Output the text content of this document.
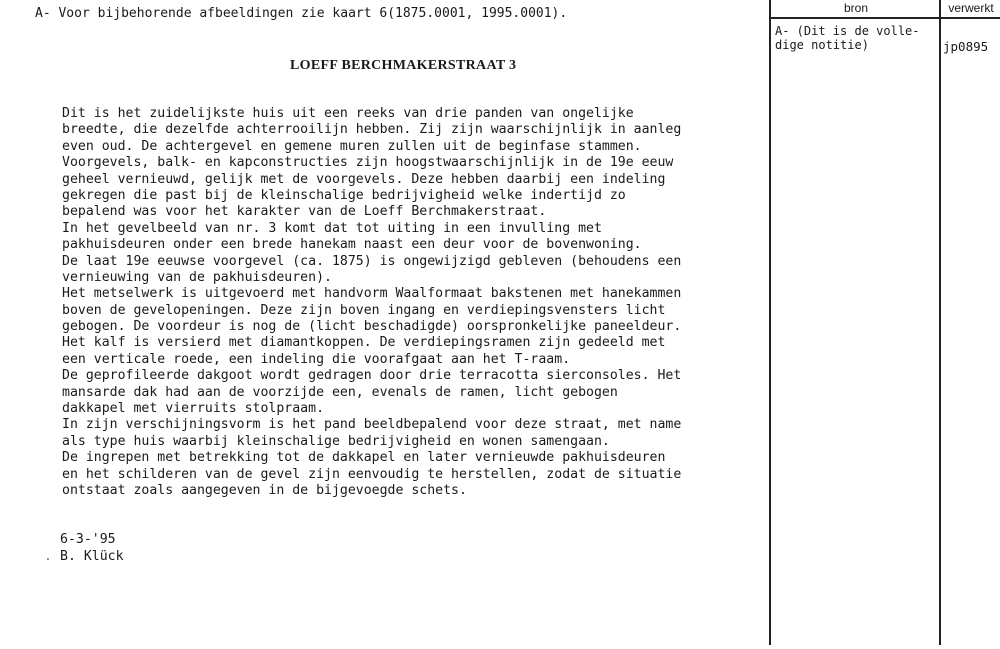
A- Voor bijbehorende afbeeldingen zie kaart 6(1875.0001, 1995.0001).
LOEFF BERCHMAKERSTRAAT 3
Dit is het zuidelijkste huis uit een reeks van drie panden van ongelijke
breedte, die dezelfde achterrooilijn hebben. Zij zijn waarschijnlijk in aanleg
even oud. De achtergevel en gemene muren zullen uit de beginfase stammen.
Voorgevels, balk- en kapconstructies zijn hoogstwaarschijnlijk in de 19e eeuw
geheel vernieuwd, gelijk met de voorgevels. Deze hebben daarbij een indeling
gekregen die past bij de kleinschalige bedrijvigheid welke indertijd zo
bepalend was voor het karakter van de Loeff Berchmakerstraat.
In het gevelbeeld van nr. 3 komt dat tot uiting in een invulling met
pakhuisdeuren onder een brede hanekam naast een deur voor de bovenwoning.
De laat 19e eeuwse voorgevel (ca. 1875) is ongewijzigd gebleven (behoudens een
vernieuwing van de pakhuisdeuren).
Het metselwerk is uitgevoerd met handvorm Waalformaat bakstenen met hanekammen
boven de gevelopeningen. Deze zijn boven ingang en verdiepingsvensters licht
gebogen. De voordeur is nog de (licht beschadigde) oorspronkelijke paneeldeur.
Het kalf is versierd met diamantkoppen. De verdiepingsramen zijn gedeeld met
een verticale roede, een indeling die voorafgaat aan het T-raam.
De geprofileerde dakgoot wordt gedragen door drie terracotta sierconsoles. Het
mansarde dak had aan de voorzijde een, evenals de ramen, licht gebogen
dakkapel met vierruits stolpraam.
In zijn verschijningsvorm is het pand beeldbepalend voor deze straat, met name
als type huis waarbij kleinschalige bedrijvigheid en wonen samengaan.
De ingrepen met betrekking tot de dakkapel en later vernieuwde pakhuisdeuren
en het schilderen van de gevel zijn eenvoudig te herstellen, zodat de situatie
ontstaat zoals aangegeven in de bijgevoegde schets.
6-3-'95
. B. Klück
bron	verwerkt
A- (Dit is de volle-
dige notitie)	jp0895
